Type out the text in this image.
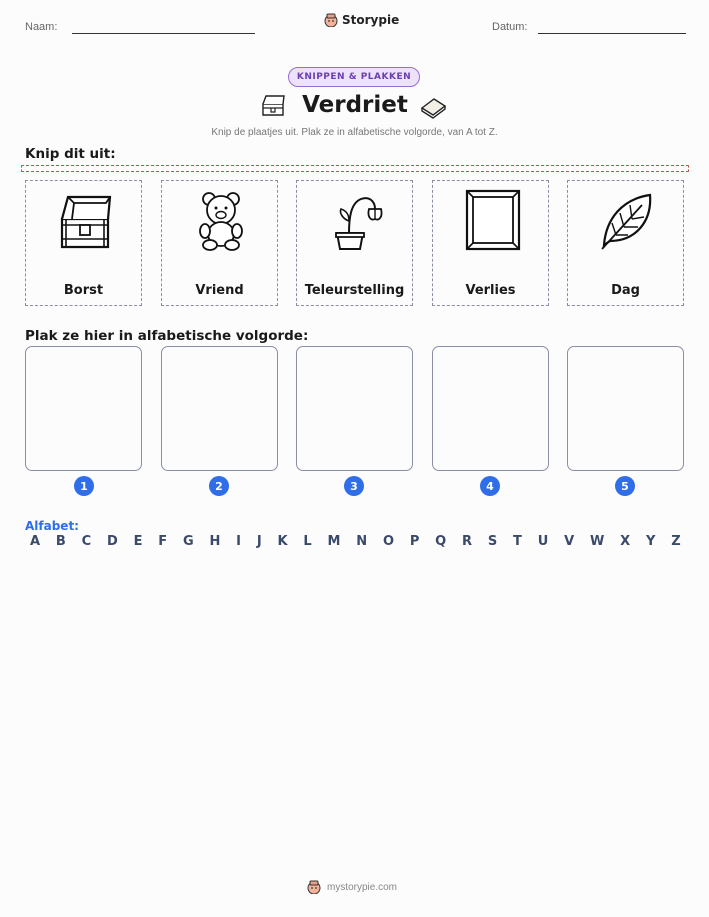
Naam:	Storypie	Datum:
KNIPPEN & PLAKKEN
Verdriet
Knip de plaatjes uit. Plak ze in alfabetische volgorde, van A tot Z.
Knip dit uit:
Borst	Vriend	Teleurstelling	Verlies	Dag
Plak ze hier in alfabetische volgorde:
1	2	3	4	5
Alfabet:
A B C D E F G H I J K L M N O P Q R S T U V W X Y Z
mystorypie.com
